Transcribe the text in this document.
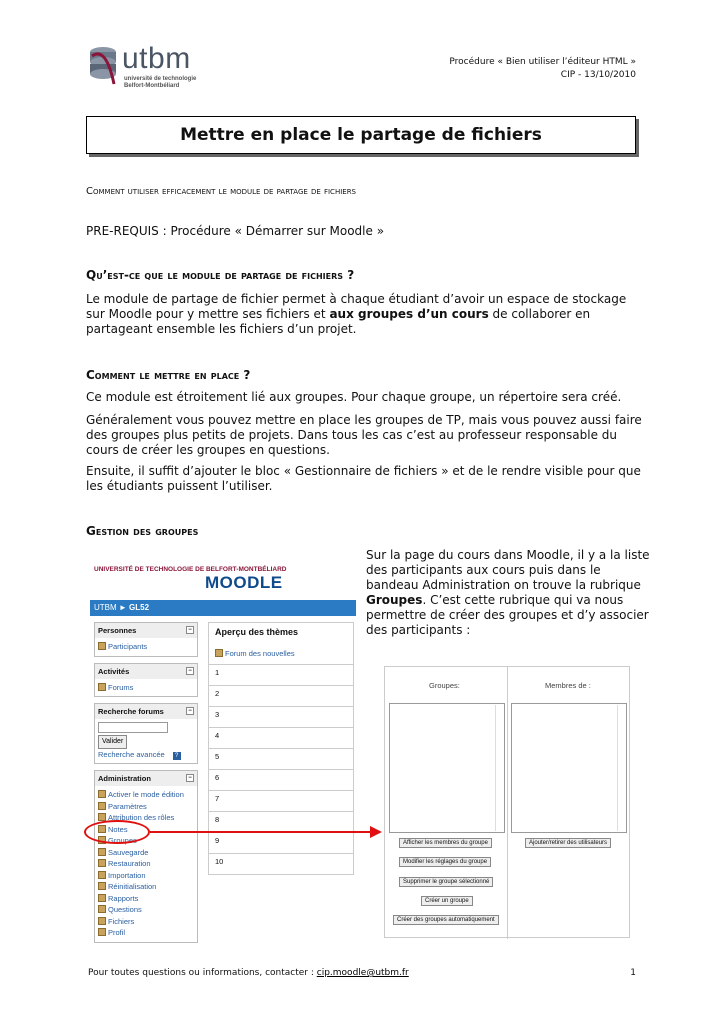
utbm
université de technologie
Belfort-Montbéliard
Procédure « Bien utiliser l’éditeur HTML »
CIP - 13/10/2010
Mettre en place le partage de fichiers
Comment utiliser efficacement le module de partage de fichiers
PRE-REQUIS : Procédure « Démarrer sur Moodle »
Qu’est-ce que le module de partage de fichiers ?
Le module de partage de fichier permet à chaque étudiant d’avoir un espace de stockage sur Moodle pour y mettre ses fichiers et aux groupes d’un cours de collaborer en partageant ensemble les fichiers d’un projet.
Comment le mettre en place ?
Ce module est étroitement lié aux groupes. Pour chaque groupe, un répertoire sera créé.
Généralement vous pouvez mettre en place les groupes de TP, mais vous pouvez aussi faire des groupes plus petits de projets. Dans tous les cas c’est au professeur responsable du cours de créer les groupes en questions.
Ensuite, il suffit d’ajouter le bloc « Gestionnaire de fichiers » et de le rendre visible pour que les étudiants puissent l’utiliser.
Gestion des groupes
Sur la page du cours dans Moodle, il y a la liste des participants aux cours puis dans le bandeau Administration on trouve la rubrique Groupes. C’est cette rubrique qui va nous permettre de créer des groupes et d’y associer des participants :
UNIVERSITÉ DE TECHNOLOGIE DE BELFORT-MONTBÉLIARD
MOODLE
UTBM ► GL52
Personnes	−
Participants
Activités	−
Forums
Recherche forums	−
Valider
Recherche avancée ?
Administration	−
Activer le mode édition
Paramètres
Attribution des rôles
Notes
Groupes
Sauvegarde
Restauration
Importation
Réinitialisation
Rapports
Questions
Fichiers
Profil
Aperçu des thèmes
Forum des nouvelles
1
2
3
4
5
6
7
8
9
10
Groupes:	Membres de :
Afficher les membres du groupe
Modifier les réglages du groupe
Supprimer le groupe sélectionné
Créer un groupe
Créer des groupes automatiquement
Ajouter/retirer des utilisateurs
Pour toutes questions ou informations, contacter : cip.moodle@utbm.fr	1
